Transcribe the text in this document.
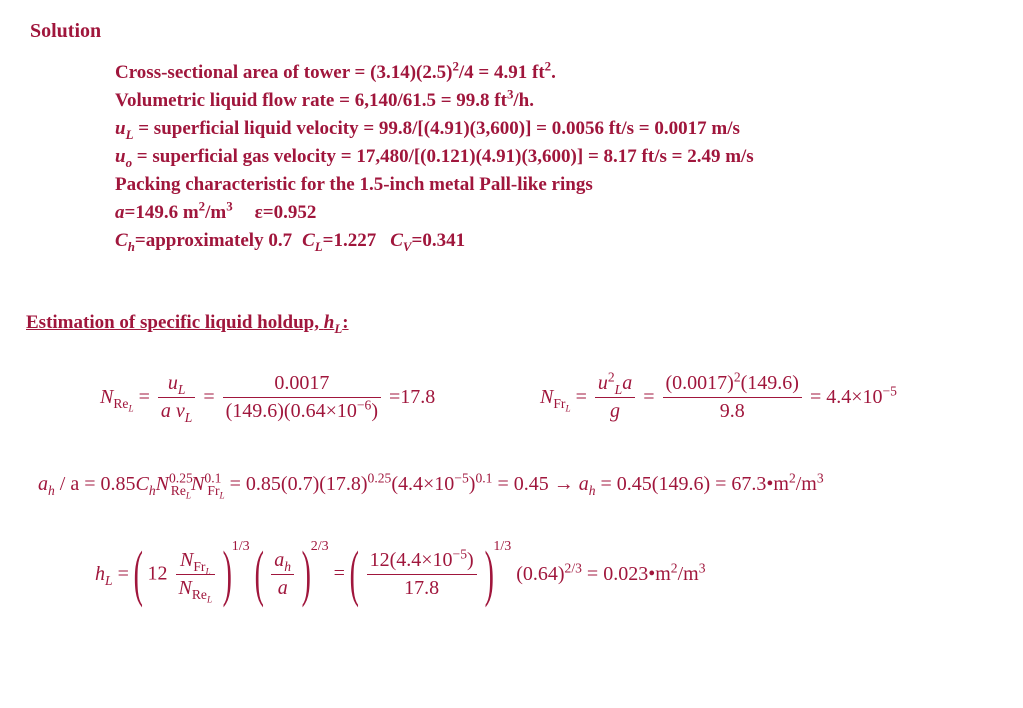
Solution
Cross-sectional area of tower = $(3.14)(2.5)^2/4 = 4.91$ $ft^2$.
Volumetric liquid flow rate = 6,140/61.5 = 99.8 $ft^3/h$.
$u_L$ = superficial liquid velocity = 99.8/[(4.91)(3,600)] = 0.0056 ft/s = 0.0017 m/s
$u_o$ = superficial gas velocity = 17,480/[(0.121)(4.91)(3,600)] = 8.17 ft/s = 2.49 m/s
Packing characteristic for the 1.5-inch metal Pall-like rings
a=149.6 $m^2/m^3$ ε=0.952
$C_h=approximately$ 0.7 $C_L=1.227$ $C_V=0.341$
Estimation of specific liquid holdup, $h_L$:
$N_{Re_L} = \frac{u_L}{a \nu_L} = \frac{0.0017}{(149.6)(0.64\times 10^{-6})} =17.8$	$N_{Fr_L} = \frac{u^2_La}{g} = \frac{(0.0017)^2(149.6)}{9.8} = 4.4\times 10^{-5}$
$a_h / a = 0.85C_hN^{0.25}_{Re_L}N^{0.1}_{Fr_L} = 0.85(0.7)(17.8)^{0.25}(4.4\times 10^{-5})^{0.1} = 0.45 \to a_h = 0.45(149.6)$ = $67.3•m^2/m^3$
$h_L$ = ( $12 \frac{N_{Fr_L}}{N_{Re_L}} )1/3$ ( $\frac{a_h}{a} )2/3$ = ( $\frac{12(4.4\times 10^{-5})}{17.8} )1/3$ $(0.64)^{2/3}$ = $0.023•m^2/m^3$
